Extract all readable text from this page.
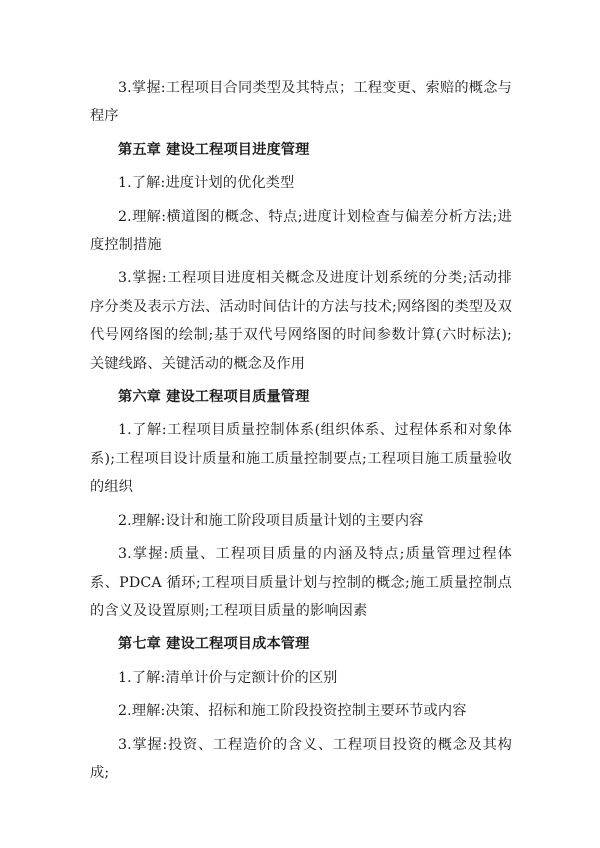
3.掌握:工程项目合同类型及其特点；工程变更、索赔的概念与程序

第五章 建设工程项目进度管理

1.了解:进度计划的优化类型

2.理解:横道图的概念、特点;进度计划检查与偏差分析方法;进度控制措施

3.掌握:工程项目进度相关概念及进度计划系统的分类;活动排序分类及表示方法、活动时间估计的方法与技术;网络图的类型及双代号网络图的绘制;基于双代号网络图的时间参数计算(六时标法);关键线路、关键活动的概念及作用

第六章 建设工程项目质量管理

1.了解:工程项目质量控制体系(组织体系、过程体系和对象体系);工程项目设计质量和施工质量控制要点;工程项目施工质量验收的组织

2.理解:设计和施工阶段项目质量计划的主要内容

3.掌握:质量、工程项目质量的内涵及特点;质量管理过程体系、PDCA 循环;工程项目质量计划与控制的概念;施工质量控制点的含义及设置原则;工程项目质量的影响因素

第七章 建设工程项目成本管理

1.了解:清单计价与定额计价的区别

2.理解:决策、招标和施工阶段投资控制主要环节或内容

3.掌握:投资、工程造价的含义、工程项目投资的概念及其构成;
